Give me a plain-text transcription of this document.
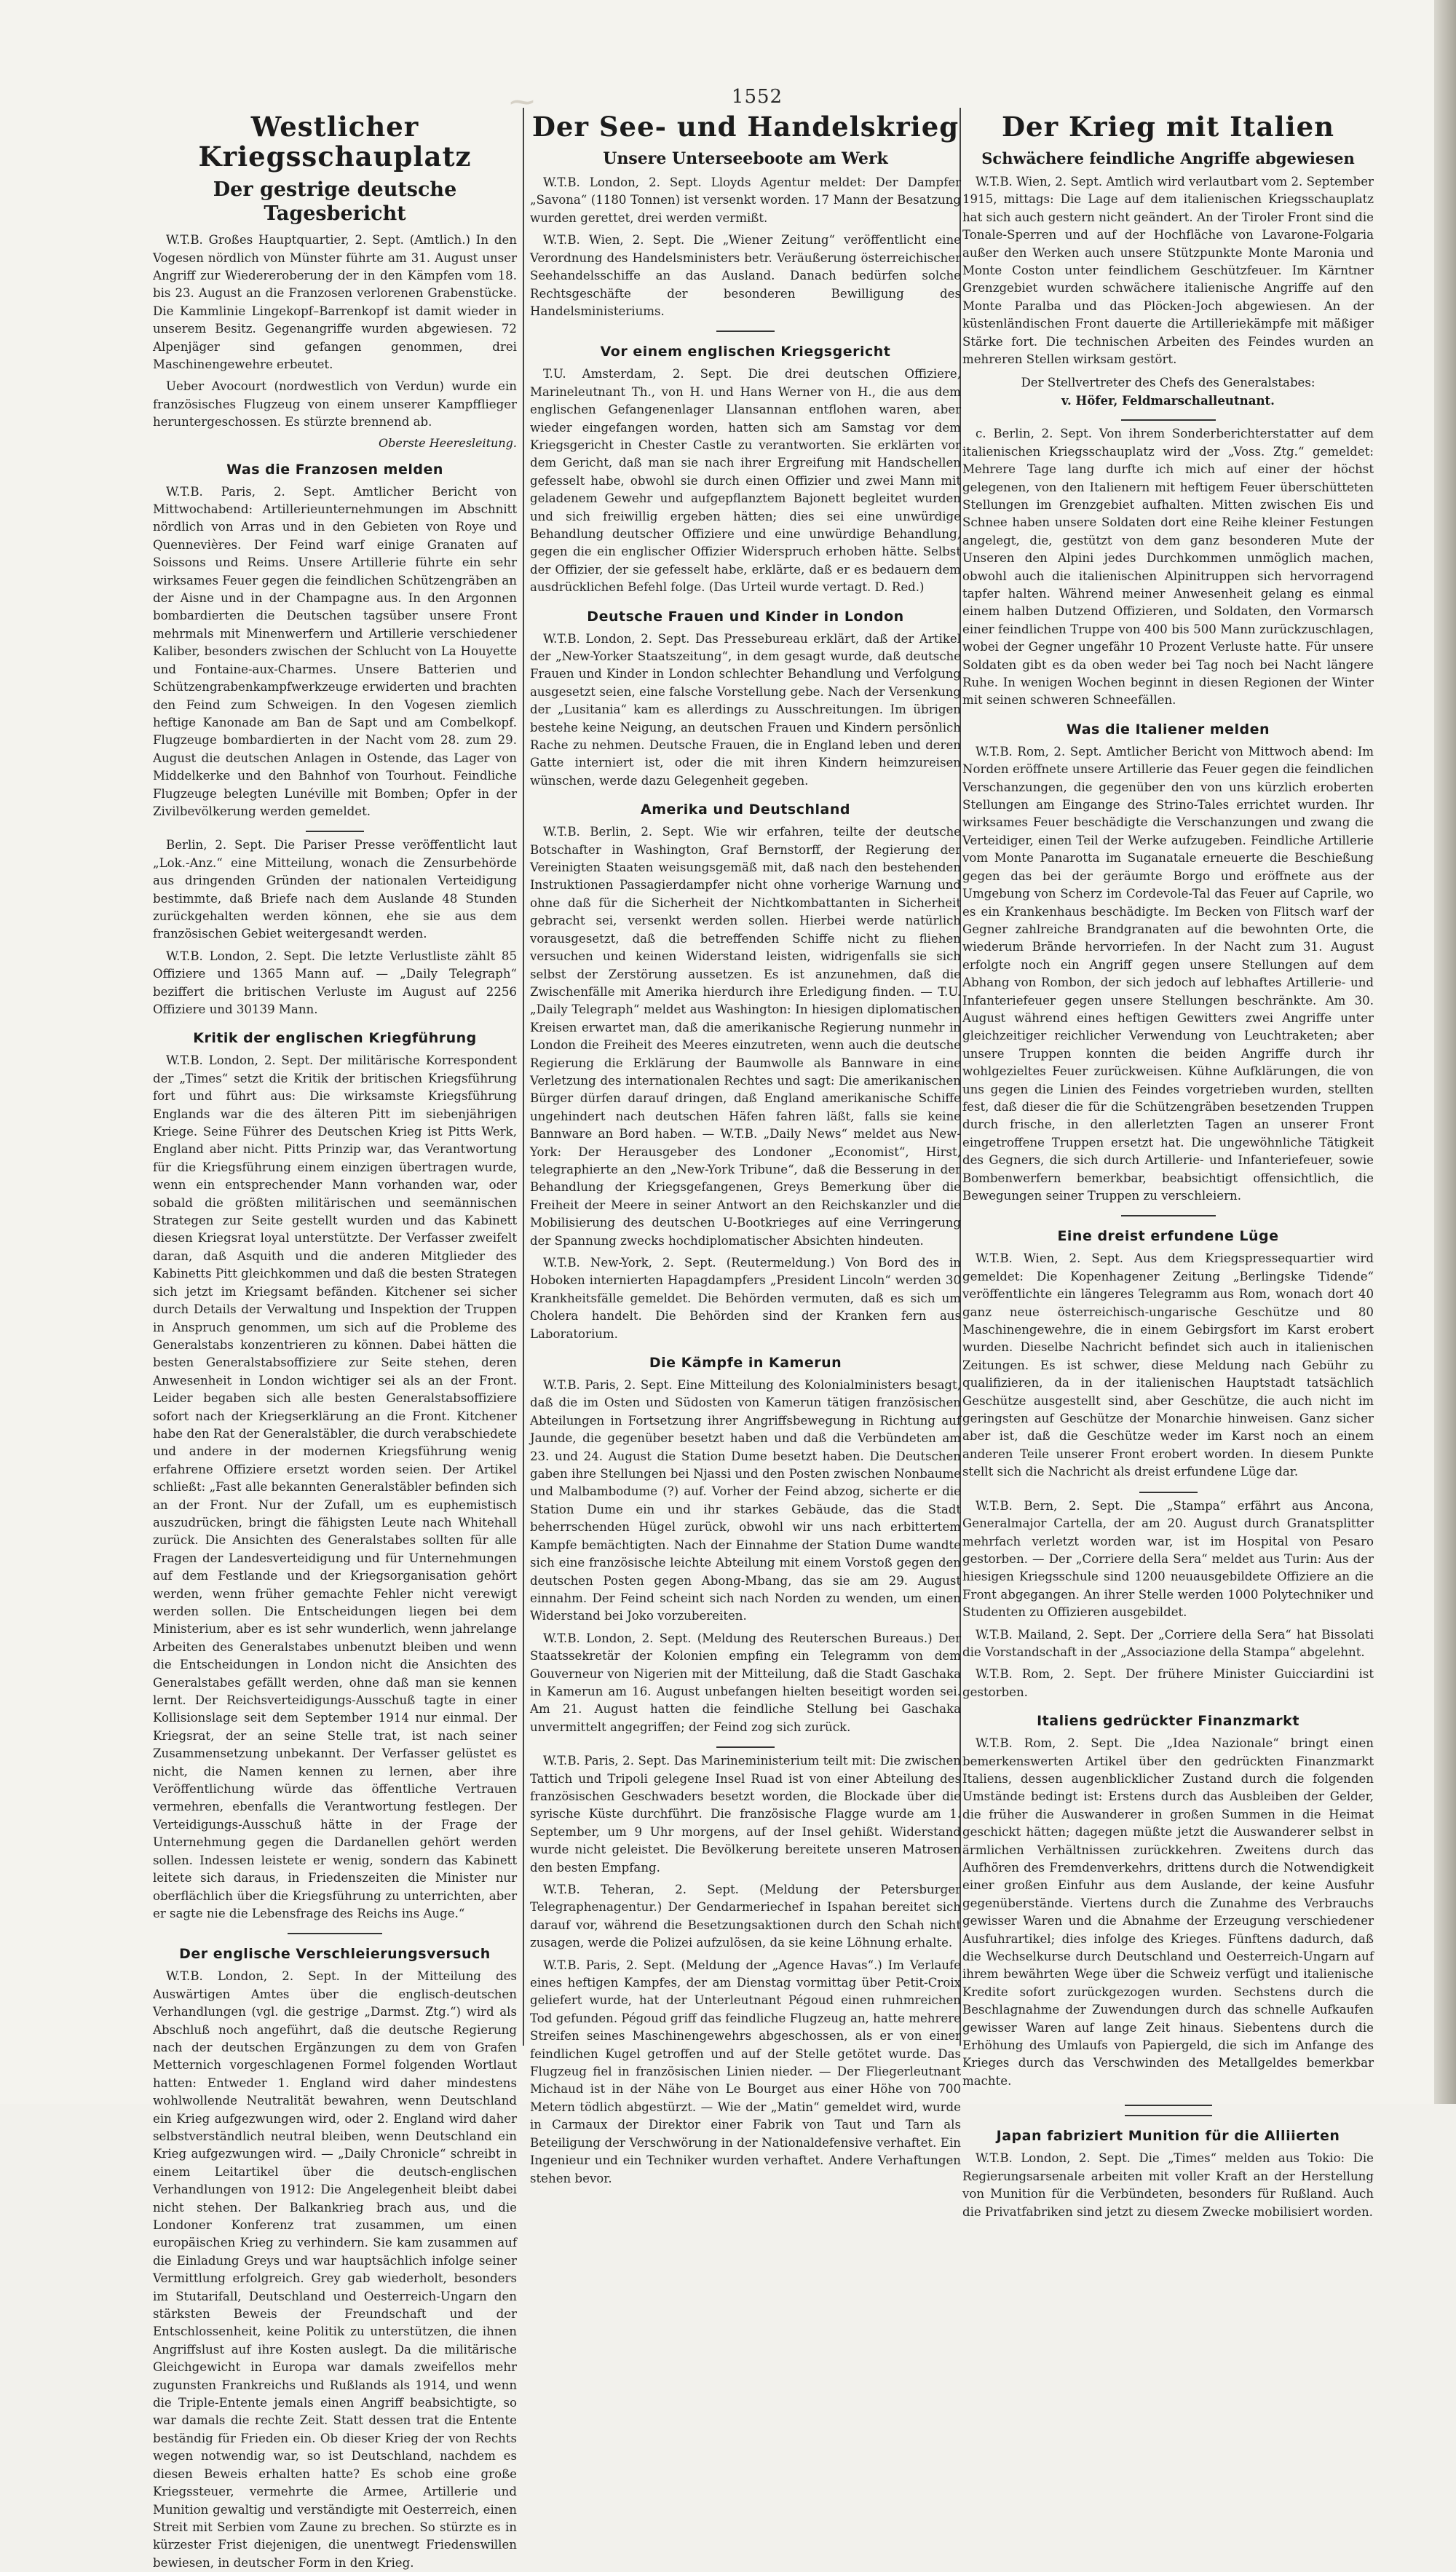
⁓	1552
Westlicher Kriegsschauplatz
Der gestrige deutsche Tagesbericht

W.T.B. Großes Hauptquartier, 2. Sept. (Amtlich.) In den Vogesen nördlich von Münster führte am 31. August unser Angriff zur Wiedereroberung der in den Kämpfen vom 18. bis 23. August an die Franzosen verlorenen Grabenstücke. Die Kammlinie Lingekopf–Barrenkopf ist damit wieder in unserem Besitz. Gegenangriffe wurden abgewiesen. 72 Alpenjäger sind gefangen genommen, drei Maschinengewehre erbeutet.

Ueber Avocourt (nordwestlich von Verdun) wurde ein französisches Flugzeug von einem unserer Kampfflieger heruntergeschossen. Es stürzte brennend ab.

Oberste Heeresleitung.

Was die Franzosen melden

W.T.B. Paris, 2. Sept. Amtlicher Bericht von Mittwochabend: Artillerieunternehmungen im Abschnitt nördlich von Arras und in den Gebieten von Roye und Quennevières. Der Feind warf einige Granaten auf Soissons und Reims. Unsere Artillerie führte ein sehr wirksames Feuer gegen die feindlichen Schützengräben an der Aisne und in der Champagne aus. In den Argonnen bombardierten die Deutschen tagsüber unsere Front mehrmals mit Minenwerfern und Artillerie verschiedener Kaliber, besonders zwischen der Schlucht von La Houyette und Fontaine-aux-Charmes. Unsere Batterien und Schützengrabenkampfwerkzeuge erwiderten und brachten den Feind zum Schweigen. In den Vogesen ziemlich heftige Kanonade am Ban de Sapt und am Combelkopf. Flugzeuge bombardierten in der Nacht vom 28. zum 29. August die deutschen Anlagen in Ostende, das Lager von Middelkerke und den Bahnhof von Tourhout. Feindliche Flugzeuge belegten Lunéville mit Bomben; Opfer in der Zivilbevölkerung werden gemeldet.

Berlin, 2. Sept. Die Pariser Presse veröffentlicht laut „Lok.-Anz.“ eine Mitteilung, wonach die Zensurbehörde aus dringenden Gründen der nationalen Verteidigung bestimmte, daß Briefe nach dem Auslande 48 Stunden zurückgehalten werden können, ehe sie aus dem französischen Gebiet weitergesandt werden.

W.T.B. London, 2. Sept. Die letzte Verlustliste zählt 85 Offiziere und 1365 Mann auf. — „Daily Telegraph“ beziffert die britischen Verluste im August auf 2256 Offiziere und 30139 Mann.

Kritik der englischen Kriegführung

W.T.B. London, 2. Sept. Der militärische Korrespondent der „Times“ setzt die Kritik der britischen Kriegsführung fort und führt aus: Die wirksamste Kriegsführung Englands war die des älteren Pitt im siebenjährigen Kriege. Seine Führer des Deutschen Krieg ist Pitts Werk, England aber nicht. Pitts Prinzip war, das Verantwortung für die Kriegsführung einem einzigen übertragen wurde, wenn ein entsprechender Mann vorhanden war, oder sobald die größten militärischen und seemännischen Strategen zur Seite gestellt wurden und das Kabinett diesen Kriegsrat loyal unterstützte. Der Verfasser zweifelt daran, daß Asquith und die anderen Mitglieder des Kabinetts Pitt gleichkommen und daß die besten Strategen sich jetzt im Kriegsamt befänden. Kitchener sei sicher durch Details der Verwaltung und Inspektion der Truppen in Anspruch genommen, um sich auf die Probleme des Generalstabs konzentrieren zu können. Dabei hätten die besten Generalstabsoffiziere zur Seite stehen, deren Anwesenheit in London wichtiger sei als an der Front. Leider begaben sich alle besten Generalstabsoffiziere sofort nach der Kriegserklärung an die Front. Kitchener habe den Rat der Generalstäbler, die durch verabschiedete und andere in der modernen Kriegsführung wenig erfahrene Offiziere ersetzt worden seien. Der Artikel schließt: „Fast alle bekannten Generalstäbler befinden sich an der Front. Nur der Zufall, um es euphemistisch auszudrücken, bringt die fähigsten Leute nach Whitehall zurück. Die Ansichten des Generalstabes sollten für alle Fragen der Landesverteidigung und für Unternehmungen auf dem Festlande und der Kriegsorganisation gehört werden, wenn früher gemachte Fehler nicht verewigt werden sollen. Die Entscheidungen liegen bei dem Ministerium, aber es ist sehr wunderlich, wenn jahrelange Arbeiten des Generalstabes unbenutzt bleiben und wenn die Entscheidungen in London nicht die Ansichten des Generalstabes gefällt werden, ohne daß man sie kennen lernt. Der Reichsverteidigungs-Ausschuß tagte in einer Kollisionslage seit dem September 1914 nur einmal. Der Kriegsrat, der an seine Stelle trat, ist nach seiner Zusammensetzung unbekannt. Der Verfasser gelüstet es nicht, die Namen kennen zu lernen, aber ihre Veröffentlichung würde das öffentliche Vertrauen vermehren, ebenfalls die Verantwortung festlegen. Der Verteidigungs-Ausschuß hätte in der Frage der Unternehmung gegen die Dardanellen gehört werden sollen. Indessen leistete er wenig, sondern das Kabinett leitete sich daraus, in Friedenszeiten die Minister nur oberflächlich über die Kriegsführung zu unterrichten, aber er sagte nie die Lebensfrage des Reichs ins Auge.“

Der englische Verschleierungsversuch

W.T.B. London, 2. Sept. In der Mitteilung des Auswärtigen Amtes über die englisch-deutschen Verhandlungen (vgl. die gestrige „Darmst. Ztg.“) wird als Abschluß noch angeführt, daß die deutsche Regierung nach der deutschen Ergänzungen zu dem von Grafen Metternich vorgeschlagenen Formel folgenden Wortlaut hatten: Entweder 1. England wird daher mindestens wohlwollende Neutralität bewahren, wenn Deutschland ein Krieg aufgezwungen wird, oder 2. England wird daher selbstverständlich neutral bleiben, wenn Deutschland ein Krieg aufgezwungen wird. — „Daily Chronicle“ schreibt in einem Leitartikel über die deutsch-englischen Verhandlungen von 1912: Die Angelegenheit bleibt dabei nicht stehen. Der Balkankrieg brach aus, und die Londoner Konferenz trat zusammen, um einen europäischen Krieg zu verhindern. Sie kam zusammen auf die Einladung Greys und war hauptsächlich infolge seiner Vermittlung erfolgreich. Grey gab wiederholt, besonders im Stutarifall, Deutschland und Oesterreich-Ungarn den stärksten Beweis der Freundschaft und der Entschlossenheit, keine Politik zu unterstützen, die ihnen Angriffslust auf ihre Kosten auslegt. Da die militärische Gleichgewicht in Europa war damals zweifellos mehr zugunsten Frankreichs und Rußlands als 1914, und wenn die Triple-Entente jemals einen Angriff beabsichtigte, so war damals die rechte Zeit. Statt dessen trat die Entente beständig für Frieden ein. Ob dieser Krieg der von Rechts wegen notwendig war, so ist Deutschland, nachdem es diesen Beweis erhalten hatte? Es schob eine große Kriegssteuer, vermehrte die Armee, Artillerie und Munition gewaltig und verständigte mit Oesterreich, einen Streit mit Serbien vom Zaune zu brechen. So stürzte es in kürzester Frist diejenigen, die unentwegt Friedenswillen bewiesen, in deutscher Form in den Krieg.

Der See- und Handelskrieg
Unsere Unterseeboote am Werk

W.T.B. London, 2. Sept. Lloyds Agentur meldet: Der Dampfer „Savona“ (1180 Tonnen) ist versenkt worden. 17 Mann der Besatzung wurden gerettet, drei werden vermißt.

W.T.B. Wien, 2. Sept. Die „Wiener Zeitung“ veröffentlicht eine Verordnung des Handelsministers betr. Veräußerung österreichischer Seehandelsschiffe an das Ausland. Danach bedürfen solche Rechtsgeschäfte der besonderen Bewilligung des Handelsministeriums.

Vor einem englischen Kriegsgericht

T.U. Amsterdam, 2. Sept. Die drei deutschen Offiziere, Marineleutnant Th., von H. und Hans Werner von H., die aus dem englischen Gefangenenlager Llansannan entflohen waren, aber wieder eingefangen worden, hatten sich am Samstag vor dem Kriegsgericht in Chester Castle zu verantworten. Sie erklärten vor dem Gericht, daß man sie nach ihrer Ergreifung mit Handschellen gefesselt habe, obwohl sie durch einen Offizier und zwei Mann mit geladenem Gewehr und aufgepflanztem Bajonett begleitet wurden und sich freiwillig ergeben hätten; dies sei eine unwürdige Behandlung deutscher Offiziere und eine unwürdige Behandlung, gegen die ein englischer Offizier Widerspruch erhoben hätte. Selbst der Offizier, der sie gefesselt habe, erklärte, daß er es bedauern dem ausdrücklichen Befehl folge. (Das Urteil wurde vertagt. D. Red.)

Deutsche Frauen und Kinder in London

W.T.B. London, 2. Sept. Das Pressebureau erklärt, daß der Artikel der „New-Yorker Staatszeitung“, in dem gesagt wurde, daß deutsche Frauen und Kinder in London schlechter Behandlung und Verfolgung ausgesetzt seien, eine falsche Vorstellung gebe. Nach der Versenkung der „Lusitania“ kam es allerdings zu Ausschreitungen. Im übrigen bestehe keine Neigung, an deutschen Frauen und Kindern persönlich Rache zu nehmen. Deutsche Frauen, die in England leben und deren Gatte interniert ist, oder die mit ihren Kindern heimzureisen wünschen, werde dazu Gelegenheit gegeben.

Amerika und Deutschland

W.T.B. Berlin, 2. Sept. Wie wir erfahren, teilte der deutsche Botschafter in Washington, Graf Bernstorff, der Regierung der Vereinigten Staaten weisungsgemäß mit, daß nach den bestehenden Instruktionen Passagierdampfer nicht ohne vorherige Warnung und ohne daß für die Sicherheit der Nichtkombattanten in Sicherheit gebracht sei, versenkt werden sollen. Hierbei werde natürlich vorausgesetzt, daß die betreffenden Schiffe nicht zu fliehen versuchen und keinen Widerstand leisten, widrigenfalls sie sich selbst der Zerstörung aussetzen. Es ist anzunehmen, daß die Zwischenfälle mit Amerika hierdurch ihre Erledigung finden. — T.U. „Daily Telegraph“ meldet aus Washington: In hiesigen diplomatischen Kreisen erwartet man, daß die amerikanische Regierung nunmehr in London die Freiheit des Meeres einzutreten, wenn auch die deutsche Regierung die Erklärung der Baumwolle als Bannware in eine Verletzung des internationalen Rechtes und sagt: Die amerikanischen Bürger dürfen darauf dringen, daß England amerikanische Schiffe ungehindert nach deutschen Häfen fahren läßt, falls sie keine Bannware an Bord haben. — W.T.B. „Daily News“ meldet aus New-York: Der Herausgeber des Londoner „Economist“, Hirst, telegraphierte an den „New-York Tribune“, daß die Besserung in der Behandlung der Kriegsgefangenen, Greys Bemerkung über die Freiheit der Meere in seiner Antwort an den Reichskanzler und die Mobilisierung des deutschen U-Bootkrieges auf eine Verringerung der Spannung zwecks hochdiplomatischer Absichten hindeuten.

W.T.B. New-York, 2. Sept. (Reutermeldung.) Von Bord des in Hoboken internierten Hapagdampfers „President Lincoln“ werden 30 Krankheitsfälle gemeldet. Die Behörden vermuten, daß es sich um Cholera handelt. Die Behörden sind der Kranken fern aus Laboratorium.

Die Kämpfe in Kamerun

W.T.B. Paris, 2. Sept. Eine Mitteilung des Kolonialministers besagt, daß die im Osten und Südosten von Kamerun tätigen französischen Abteilungen in Fortsetzung ihrer Angriffsbewegung in Richtung auf Jaunde, die gegenüber besetzt haben und daß die Verbündeten am 23. und 24. August die Station Dume besetzt haben. Die Deutschen gaben ihre Stellungen bei Njassi und den Posten zwischen Nonbaume und Malbambodume (?) auf. Vorher der Feind abzog, sicherte er die Station Dume ein und ihr starkes Gebäude, das die Stadt beherrschenden Hügel zurück, obwohl wir uns nach erbittertem Kampfe bemächtigten. Nach der Einnahme der Station Dume wandte sich eine französische leichte Abteilung mit einem Vorstoß gegen den deutschen Posten gegen Abong-Mbang, das sie am 29. August einnahm. Der Feind scheint sich nach Norden zu wenden, um einen Widerstand bei Joko vorzubereiten.

W.T.B. London, 2. Sept. (Meldung des Reuterschen Bureaus.) Der Staatssekretär der Kolonien empfing ein Telegramm von dem Gouverneur von Nigerien mit der Mitteilung, daß die Stadt Gaschaka in Kamerun am 16. August unbefangen hielten beseitigt worden sei. Am 21. August hatten die feindliche Stellung bei Gaschaka unvermittelt angegriffen; der Feind zog sich zurück.

W.T.B. Paris, 2. Sept. Das Marineministerium teilt mit: Die zwischen Tattich und Tripoli gelegene Insel Ruad ist von einer Abteilung des französischen Geschwaders besetzt worden, die Blockade über die syrische Küste durchführt. Die französische Flagge wurde am 1. September, um 9 Uhr morgens, auf der Insel gehißt. Widerstand wurde nicht geleistet. Die Bevölkerung bereitete unseren Matrosen den besten Empfang.

W.T.B. Teheran, 2. Sept. (Meldung der Petersburger Telegraphenagentur.) Der Gendarmeriechef in Ispahan bereitet sich darauf vor, während die Besetzungsaktionen durch den Schah nicht zusagen, werde die Polizei aufzulösen, da sie keine Löhnung erhalte.

W.T.B. Paris, 2. Sept. (Meldung der „Agence Havas“.) Im Verlaufe eines heftigen Kampfes, der am Dienstag vormittag über Petit-Croix geliefert wurde, hat der Unterleutnant Pégoud einen ruhmreichen Tod gefunden. Pégoud griff das feindliche Flugzeug an, hatte mehrere Streifen seines Maschinengewehrs abgeschossen, als er von einer feindlichen Kugel getroffen und auf der Stelle getötet wurde. Das Flugzeug fiel in französischen Linien nieder. — Der Fliegerleutnant Michaud ist in der Nähe von Le Bourget aus einer Höhe von 700 Metern tödlich abgestürzt. — Wie der „Matin“ gemeldet wird, wurde in Carmaux der Direktor einer Fabrik von Taut und Tarn als Beteiligung der Verschwörung in der Nationaldefensive verhaftet. Ein Ingenieur und ein Techniker wurden verhaftet. Andere Verhaftungen stehen bevor.

Der Krieg mit Italien
Schwächere feindliche Angriffe abgewiesen

W.T.B. Wien, 2. Sept. Amtlich wird verlautbart vom 2. September 1915, mittags: Die Lage auf dem italienischen Kriegsschauplatz hat sich auch gestern nicht geändert. An der Tiroler Front sind die Tonale-Sperren und auf der Hochfläche von Lavarone-Folgaria außer den Werken auch unsere Stützpunkte Monte Maronia und Monte Coston unter feindlichem Geschützfeuer. Im Kärntner Grenzgebiet wurden schwächere italienische Angriffe auf den Monte Paralba und das Plöcken-Joch abgewiesen. An der küstenländischen Front dauerte die Artilleriekämpfe mit mäßiger Stärke fort. Die technischen Arbeiten des Feindes wurden an mehreren Stellen wirksam gestört.

Der Stellvertreter des Chefs des Generalstabes:
v. Höfer, Feldmarschalleutnant.

c. Berlin, 2. Sept. Von ihrem Sonderberichterstatter auf dem italienischen Kriegsschauplatz wird der „Voss. Ztg.“ gemeldet: Mehrere Tage lang durfte ich mich auf einer der höchst gelegenen, von den Italienern mit heftigem Feuer überschütteten Stellungen im Grenzgebiet aufhalten. Mitten zwischen Eis und Schnee haben unsere Soldaten dort eine Reihe kleiner Festungen angelegt, die, gestützt von dem ganz besonderen Mute der Unseren den Alpini jedes Durchkommen unmöglich machen, obwohl auch die italienischen Alpinitruppen sich hervorragend tapfer halten. Während meiner Anwesenheit gelang es einmal einem halben Dutzend Offizieren, und Soldaten, den Vormarsch einer feindlichen Truppe von 400 bis 500 Mann zurückzuschlagen, wobei der Gegner ungefähr 10 Prozent Verluste hatte. Für unsere Soldaten gibt es da oben weder bei Tag noch bei Nacht längere Ruhe. In wenigen Wochen beginnt in diesen Regionen der Winter mit seinen schweren Schneefällen.

Was die Italiener melden

W.T.B. Rom, 2. Sept. Amtlicher Bericht von Mittwoch abend: Im Norden eröffnete unsere Artillerie das Feuer gegen die feindlichen Verschanzungen, die gegenüber den von uns kürzlich eroberten Stellungen am Eingange des Strino-Tales errichtet wurden. Ihr wirksames Feuer beschädigte die Verschanzungen und zwang die Verteidiger, einen Teil der Werke aufzugeben. Feindliche Artillerie vom Monte Panarotta im Suganatale erneuerte die Beschießung gegen das bei der geräumte Borgo und eröffnete aus der Umgebung von Scherz im Cordevole-Tal das Feuer auf Caprile, wo es ein Krankenhaus beschädigte. Im Becken von Flitsch warf der Gegner zahlreiche Brandgranaten auf die bewohnten Orte, die wiederum Brände hervorriefen. In der Nacht zum 31. August erfolgte noch ein Angriff gegen unsere Stellungen auf dem Abhang von Rombon, der sich jedoch auf lebhaftes Artillerie- und Infanteriefeuer gegen unsere Stellungen beschränkte. Am 30. August während eines heftigen Gewitters zwei Angriffe unter gleichzeitiger reichlicher Verwendung von Leuchtraketen; aber unsere Truppen konnten die beiden Angriffe durch ihr wohlgezieltes Feuer zurückweisen. Kühne Aufklärungen, die von uns gegen die Linien des Feindes vorgetrieben wurden, stellten fest, daß dieser die für die Schützengräben besetzenden Truppen durch frische, in den allerletzten Tagen an unserer Front eingetroffene Truppen ersetzt hat. Die ungewöhnliche Tätigkeit des Gegners, die sich durch Artillerie- und Infanteriefeuer, sowie Bombenwerfern bemerkbar, beabsichtigt offensichtlich, die Bewegungen seiner Truppen zu verschleiern.

Eine dreist erfundene Lüge

W.T.B. Wien, 2. Sept. Aus dem Kriegspressequartier wird gemeldet: Die Kopenhagener Zeitung „Berlingske Tidende“ veröffentlichte ein längeres Telegramm aus Rom, wonach dort 40 ganz neue österreichisch-ungarische Geschütze und 80 Maschinengewehre, die in einem Gebirgsfort im Karst erobert wurden. Dieselbe Nachricht befindet sich auch in italienischen Zeitungen. Es ist schwer, diese Meldung nach Gebühr zu qualifizieren, da in der italienischen Hauptstadt tatsächlich Geschütze ausgestellt sind, aber Geschütze, die auch nicht im geringsten auf Geschütze der Monarchie hinweisen. Ganz sicher aber ist, daß die Geschütze weder im Karst noch an einem anderen Teile unserer Front erobert worden. In diesem Punkte stellt sich die Nachricht als dreist erfundene Lüge dar.

W.T.B. Bern, 2. Sept. Die „Stampa“ erfährt aus Ancona, Generalmajor Cartella, der am 20. August durch Granatsplitter mehrfach verletzt worden war, ist im Hospital von Pesaro gestorben. — Der „Corriere della Sera“ meldet aus Turin: Aus der hiesigen Kriegsschule sind 1200 neuausgebildete Offiziere an die Front abgegangen. An ihrer Stelle werden 1000 Polytechniker und Studenten zu Offizieren ausgebildet.

W.T.B. Mailand, 2. Sept. Der „Corriere della Sera“ hat Bissolati die Vorstandschaft in der „Associazione della Stampa“ abgelehnt.

W.T.B. Rom, 2. Sept. Der frühere Minister Guicciardini ist gestorben.

Italiens gedrückter Finanzmarkt

W.T.B. Rom, 2. Sept. Die „Idea Nazionale“ bringt einen bemerkenswerten Artikel über den gedrückten Finanzmarkt Italiens, dessen augenblicklicher Zustand durch die folgenden Umstände bedingt ist: Erstens durch das Ausbleiben der Gelder, die früher die Auswanderer in großen Summen in die Heimat geschickt hätten; dagegen müßte jetzt die Auswanderer selbst in ärmlichen Verhältnissen zurückkehren. Zweitens durch das Aufhören des Fremdenverkehrs, drittens durch die Notwendigkeit einer großen Einfuhr aus dem Auslande, der keine Ausfuhr gegenüberstände. Viertens durch die Zunahme des Verbrauchs gewisser Waren und die Abnahme der Erzeugung verschiedener Ausfuhrartikel; dies infolge des Krieges. Fünftens dadurch, daß die Wechselkurse durch Deutschland und Oesterreich-Ungarn auf ihrem bewährten Wege über die Schweiz verfügt und italienische Kredite sofort zurückgezogen wurden. Sechstens durch die Beschlagnahme der Zuwendungen durch das schnelle Aufkaufen gewisser Waren auf lange Zeit hinaus. Siebentens durch die Erhöhung des Umlaufs von Papiergeld, die sich im Anfange des Krieges durch das Verschwinden des Metallgeldes bemerkbar machte.

Japan fabriziert Munition für die Alliierten

W.T.B. London, 2. Sept. Die „Times“ melden aus Tokio: Die Regierungsarsenale arbeiten mit voller Kraft an der Herstellung von Munition für die Verbündeten, besonders für Rußland. Auch die Privatfabriken sind jetzt zu diesem Zwecke mobilisiert worden.
